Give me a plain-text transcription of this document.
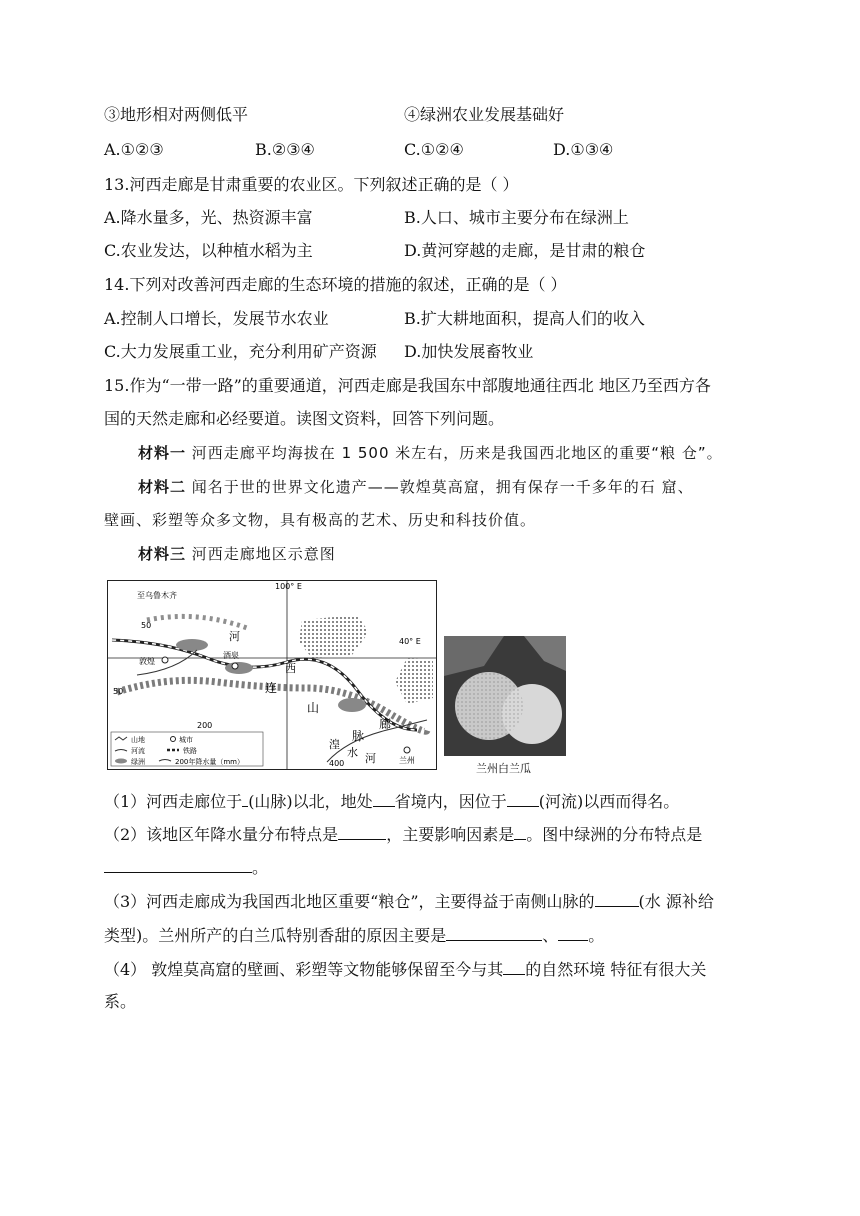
③地形相对两侧低平	④绿洲农业发展基础好
A.①②③	B.②③④	C.①②④	D.①③④
13.河西走廊是甘肃重要的农业区。下列叙述正确的是（ ）
A.降水量多，光、热资源丰富	B.人口、城市主要分布在绿洲上
C.农业发达，以种植水稻为主	D.黄河穿越的走廊，是甘肃的粮仓
14.下列对改善河西走廊的生态环境的措施的叙述，正确的是（ ）
A.控制人口增长，发展节水农业	B.扩大耕地面积，提高人们的收入
C.大力发展重工业，充分利用矿产资源 D.加快发展畜牧业
15.作为“一带一路”的重要通道，河西走廊是我国东中部腹地通往西北 地区乃至西方各
国的天然走廊和必经要道。读图文资料，回答下列问题。
材料一 河西走廊平均海拔在 1 500 米左右，历来是我国西北地区的重要“粮 仓”。
材料二 闻名于世的世界文化遗产——敦煌莫高窟，拥有保存一千多年的石 窟、
壁画、彩塑等众多文物，具有极高的艺术、历史和科技价值。
材料三 河西走廊地区示意图
至乌鲁木齐
100° E
40° E
敦煌
酒泉
兰州
50
50
200
400
河
西
连
山
廊
脉
湟
水 河
山地	城市
河流	铁路
绿洲	200年降水量（mm）	兰州白兰瓜
（1）河西走廊位于 (山脉)以北，地处 省境内，因位于 (河流)以西而得名。
（2）该地区年降水量分布特点是	，主要影响因素是 。图中绿洲的分布特点是
。
（3）河西走廊成为我国西北地区重要“粮仓”，主要得益于南侧山脉的	(水 源补给
类型)。兰州所产的白兰瓜特别香甜的原因主要是	、 。
（4） 敦煌莫高窟的壁画、彩塑等文物能够保留至今与其 的自然环境 特征有很大关
系。
